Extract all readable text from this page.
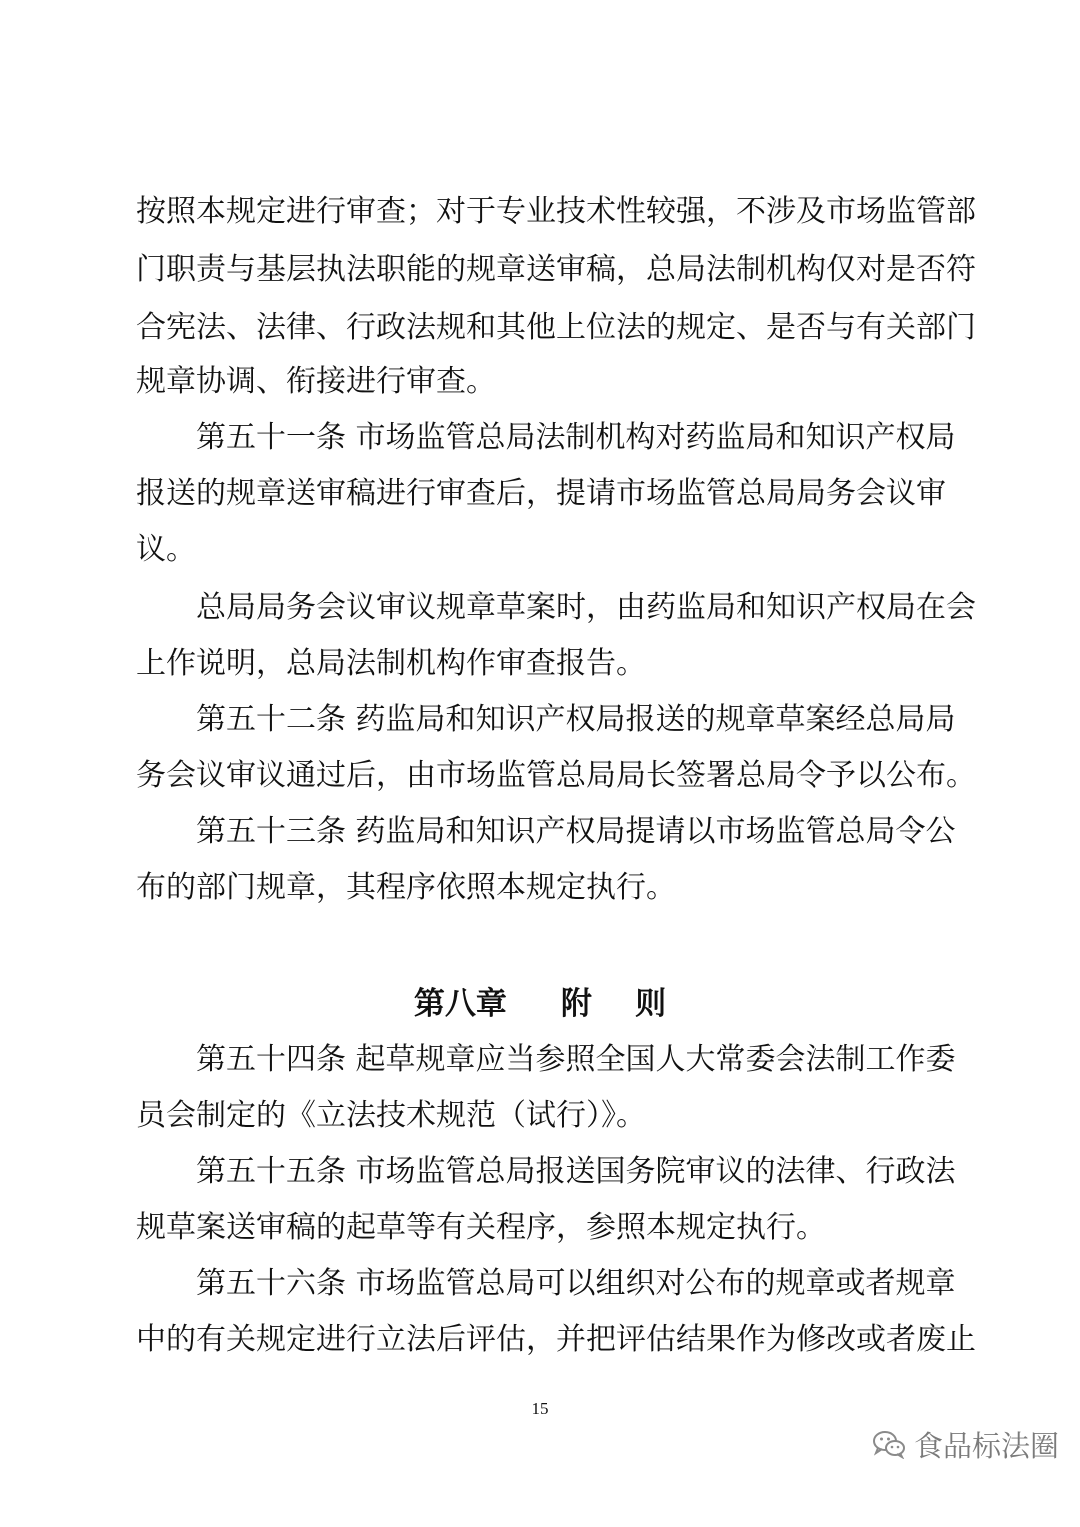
按照本规定进行审查；对于专业技术性较强，不涉及市场监管部
门职责与基层执法职能的规章送审稿，总局法制机构仅对是否符
合宪法、法律、行政法规和其他上位法的规定、是否与有关部门
规章协调、衔接进行审查。
第五十一条 市场监管总局法制机构对药监局和知识产权局
报送的规章送审稿进行审查后，提请市场监管总局局务会议审
议。
总局局务会议审议规章草案时，由药监局和知识产权局在会
上作说明，总局法制机构作审查报告。
第五十二条 药监局和知识产权局报送的规章草案经总局局
务会议审议通过后，由市场监管总局局长签署总局令予以公布。
第五十三条 药监局和知识产权局提请以市场监管总局令公
布的部门规章，其程序依照本规定执行。
第八章 附    则
第五十四条 起草规章应当参照全国人大常委会法制工作委
员会制定的《立法技术规范（试行）》。
第五十五条 市场监管总局报送国务院审议的法律、行政法
规草案送审稿的起草等有关程序，参照本规定执行。
第五十六条 市场监管总局可以组织对公布的规章或者规章
中的有关规定进行立法后评估，并把评估结果作为修改或者废止
15
食品标法圈
